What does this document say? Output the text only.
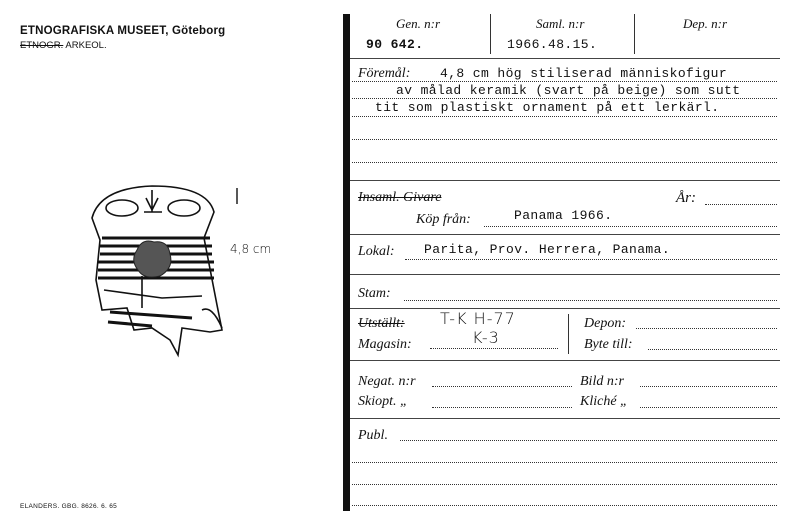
ETNOGRAFISKA MUSEET, Göteborg
ETNOGR. ARKEOL.
4,8 cm
ELANDERS. GBG. 8626. 6. 65
Gen. n:r
90 642.
Saml. n:r
1966.48.15.
Dep. n:r
Föremål: 4,8 cm hög stiliserad människofigur
av målad keramik (svart på beige) som sutt
tit som plastiskt ornament på ett lerkärl.
Insaml. Givare	År:
Köp från:	Panama 1966.
Lokal: Parita, Prov. Herrera, Panama.
Stam:
Utställt: T-K H-77
Magasin:	K-3
Depon:
Byte till:
Negat. n:r	Bild n:r
Skiopt. „	Kliché „
Publ.
